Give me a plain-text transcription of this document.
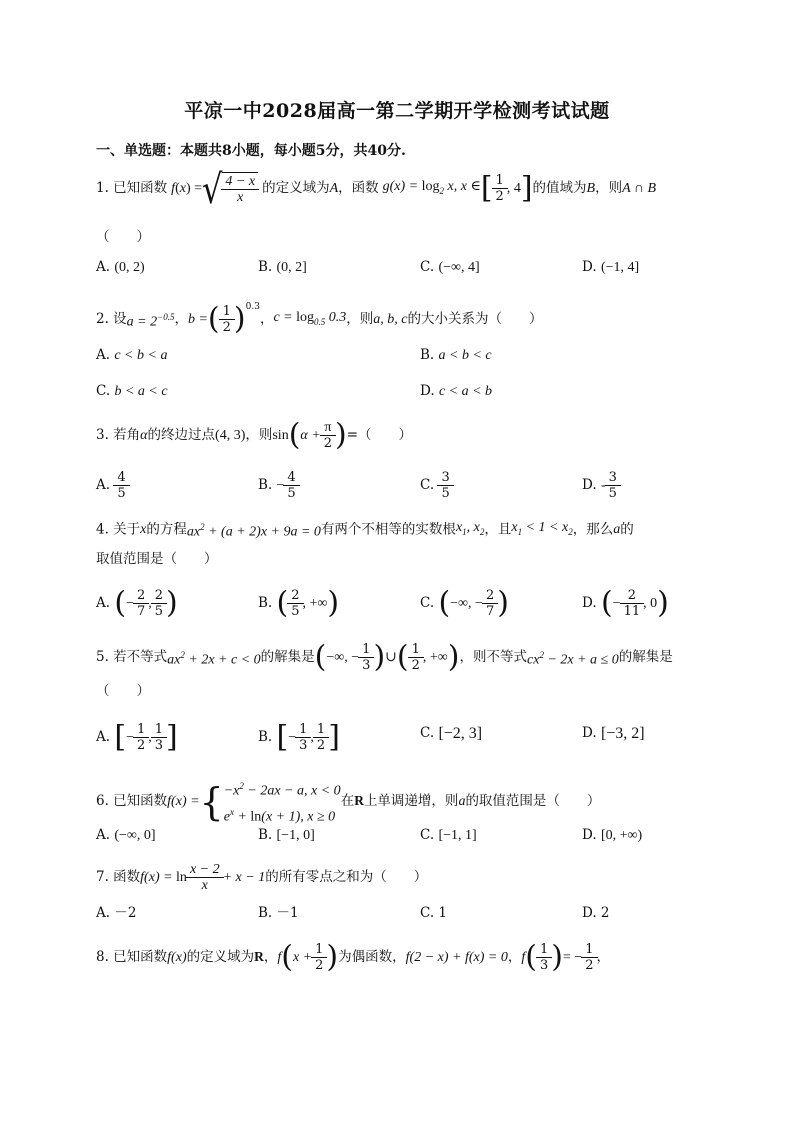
平凉一中2028届高一第二学期开学检测考试试题
一、单选题：本题共8小题，每小题5分，共40分.
1. 已知函数 f(x) = √ $\frac{4 - x}{x}$ 的定义域为A，函数 $g(x) = \log_2 x$, x ∈[ $\frac{1}{2}$ , 4]的值域为B，则A ∩ B
（　　）
A. (0, 2)	B. (0, 2]	C. (−∞, 4]	D. (−1, 4]
2. 设$a = 2^{-0.5}$，b =( $\frac{1}{2} )^{0.3}$，$c = \log_{0.5} 0.3$，则a, b, c的大小关系为（　　）
A. c < b < a	B. a < b < c
C. b < a < c	D. c < a < b
3. 若角α的终边过点(4, 3)，则$\sin(\alpha + \frac{\pi}{2}$ )=（　　）
A. $\frac{4}{5}$	B. − $\frac{4}{5}$	C. $\frac{3}{5}$	D. - $\frac{3}{5}$
4. 关于x的方程$ax^2 + (a + 2)x + 9a = 0$有两个不相等的实数根$x_1$, $x_2$，且$x_1 < 1 < x_2$，那么a的
取值范围是（　　）
A. (− $\frac{2}{7}$ , $\frac{2}{5}$ )	B. ( $\frac{2}{5}$ , +∞)	C. (−∞, − $\frac{2}{7}$ )	D. (− $\frac{2}{11}$ , 0)
5. 若不等式$ax^2 + 2x + c < 0$的解集是(−∞, − $\frac{1}{3}$ )∪( $\frac{1}{2}$ , +∞)，则不等式$cx^2 - 2x + a \le 0$的解集是
（　　）
A. [− $\frac{1}{2}$ , $\frac{1}{3}$ ]	B. [− $\frac{1}{3}$ , $\frac{1}{2}$ ]	C. [−2, 3]	D. [−3, 2]
6. 已知函数f(x) = { $-x^2 - 2ax - a$, x < 0
$e^x + \ln(x + 1)$, x ≥ 0
在R上单调递增，则a的取值范围是（　　）
A. (−∞, 0]	B. [−1, 0]	C. [−1, 1]	D. [0, +∞)
7. 函数$f(x) = \ln \frac{x - 2}{x} + x - 1$的所有零点之和为（　　）
A. －2	B. －1	C. 1	D. 2
8. 已知函数f(x)的定义域为R，$f(x + \frac{1}{2}$ )为偶函数，f(2 − x) + f(x) = 0，$f( \frac{1}{3}$ )= − $\frac{1}{2}$ ，
